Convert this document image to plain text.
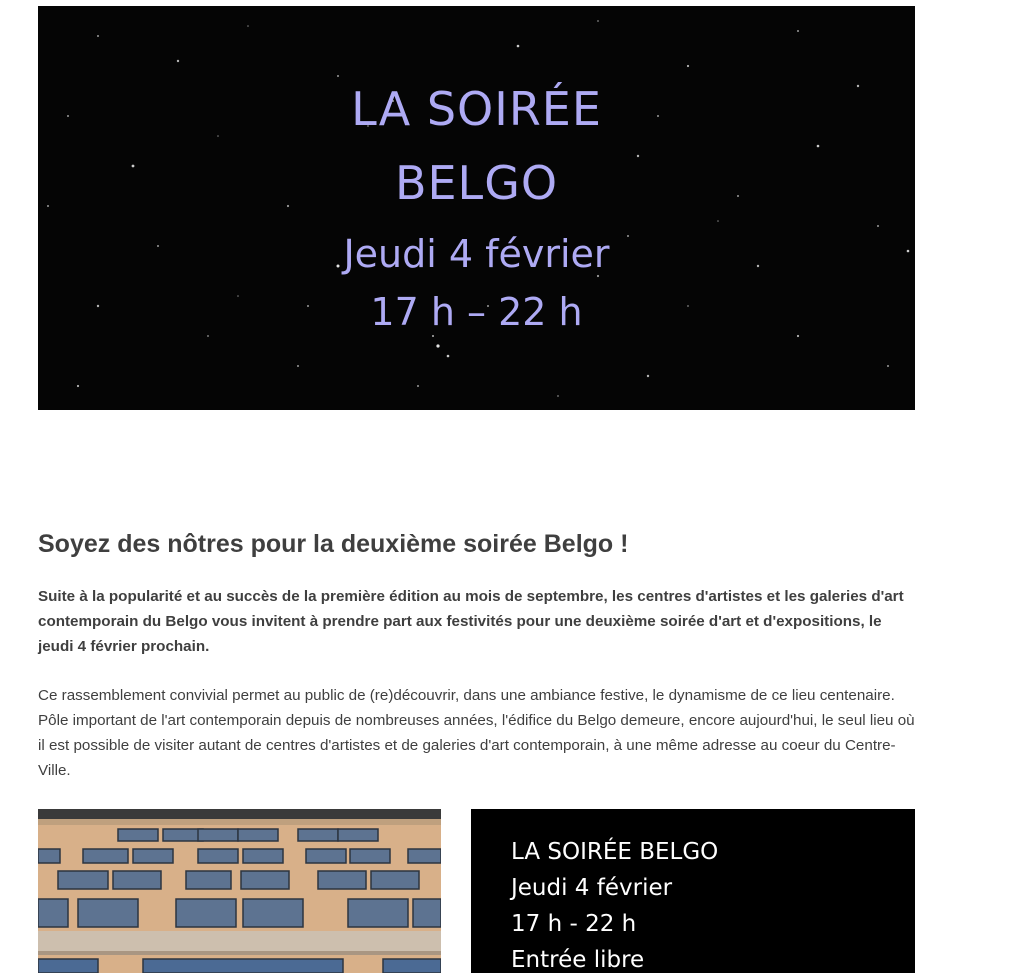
LA SOIRÉE
BELGO
Jeudi 4 février
17 h – 22 h
Soyez des nôtres pour la deuxième soirée Belgo !

Suite à la popularité et au succès de la première édition au mois de septembre, les centres d'artistes et les galeries d'art contemporain du Belgo vous invitent à prendre part aux festivités pour une deuxième soirée d'art et d'expositions, le jeudi 4 février prochain.

Ce rassemblement convivial permet au public de (re)découvrir, dans une ambiance festive, le dynamisme de ce lieu centenaire. Pôle important de l'art contemporain depuis de nombreuses années, l'édifice du Belgo demeure, encore aujourd'hui, le seul lieu où il est possible de visiter autant de centres d'artistes et de galeries d'art contemporain, à une même adresse au coeur du Centre-Ville.

LA SOIRÉE BELGO
Jeudi 4 février
17 h - 22 h
Entrée libre
